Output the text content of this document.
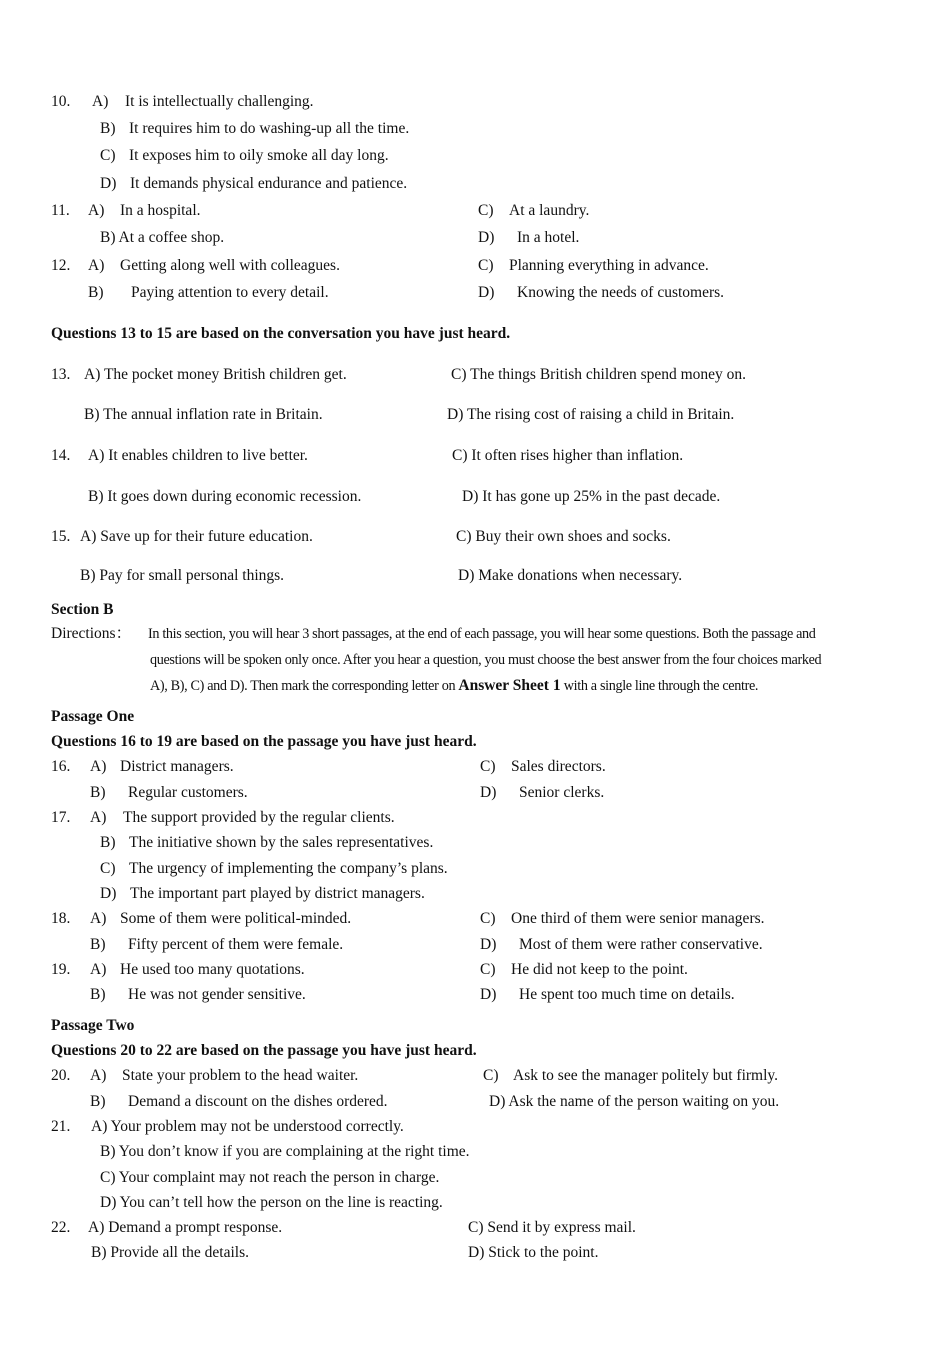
10. A) It is intellectually challenging.
B) It requires him to do washing-up all the time.
C) It exposes him to oily smoke all day long.
D) It demands physical endurance and patience.
11. A) In a hospital.	C) At a laundry.
B) At a coffee shop.	D) In a hotel.
12. A) Getting along well with colleagues.	C) Planning everything in advance.
B) Paying attention to every detail.	D) Knowing the needs of customers.
Questions 13 to 15 are based on the conversation you have just heard.
13. A) The pocket money British children get.	C) The things British children spend money on.
B) The annual inflation rate in Britain.	D) The rising cost of raising a child in Britain.
14. A) It enables children to live better.	C) It often rises higher than inflation.
B) It goes down during economic recession.	D) It has gone up 25% in the past decade.
15. A) Save up for their future education.	C) Buy their own shoes and socks.
B) Pay for small personal things.	D) Make donations when necessary.
Section B
Directions： In this section, you will hear 3 short passages, at the end of each passage, you will hear some questions. Both the passage and
questions will be spoken only once. After you hear a question, you must choose the best answer from the four choices marked
A), B), C) and D). Then mark the corresponding letter on Answer Sheet 1 with a single line through the centre.
Passage One
Questions 16 to 19 are based on the passage you have just heard.
16. A) District managers.	C) Sales directors.
B) Regular customers.	D) Senior clerks.
17. A) The support provided by the regular clients.
B) The initiative shown by the sales representatives.
C) The urgency of implementing the company’s plans.
D) The important part played by district managers.
18. A) Some of them were political-minded.	C) One third of them were senior managers.
B) Fifty percent of them were female.	D) Most of them were rather conservative.
19. A) He used too many quotations.	C) He did not keep to the point.
B) He was not gender sensitive.	D) He spent too much time on details.
Passage Two
Questions 20 to 22 are based on the passage you have just heard.
20. A) State your problem to the head waiter.	C) Ask to see the manager politely but firmly.
B) Demand a discount on the dishes ordered.	D) Ask the name of the person waiting on you.
21. A) Your problem may not be understood correctly.
B) You don’t know if you are complaining at the right time.
C) Your complaint may not reach the person in charge.
D) You can’t tell how the person on the line is reacting.
22. A) Demand a prompt response.	C) Send it by express mail.
B) Provide all the details.	D) Stick to the point.
